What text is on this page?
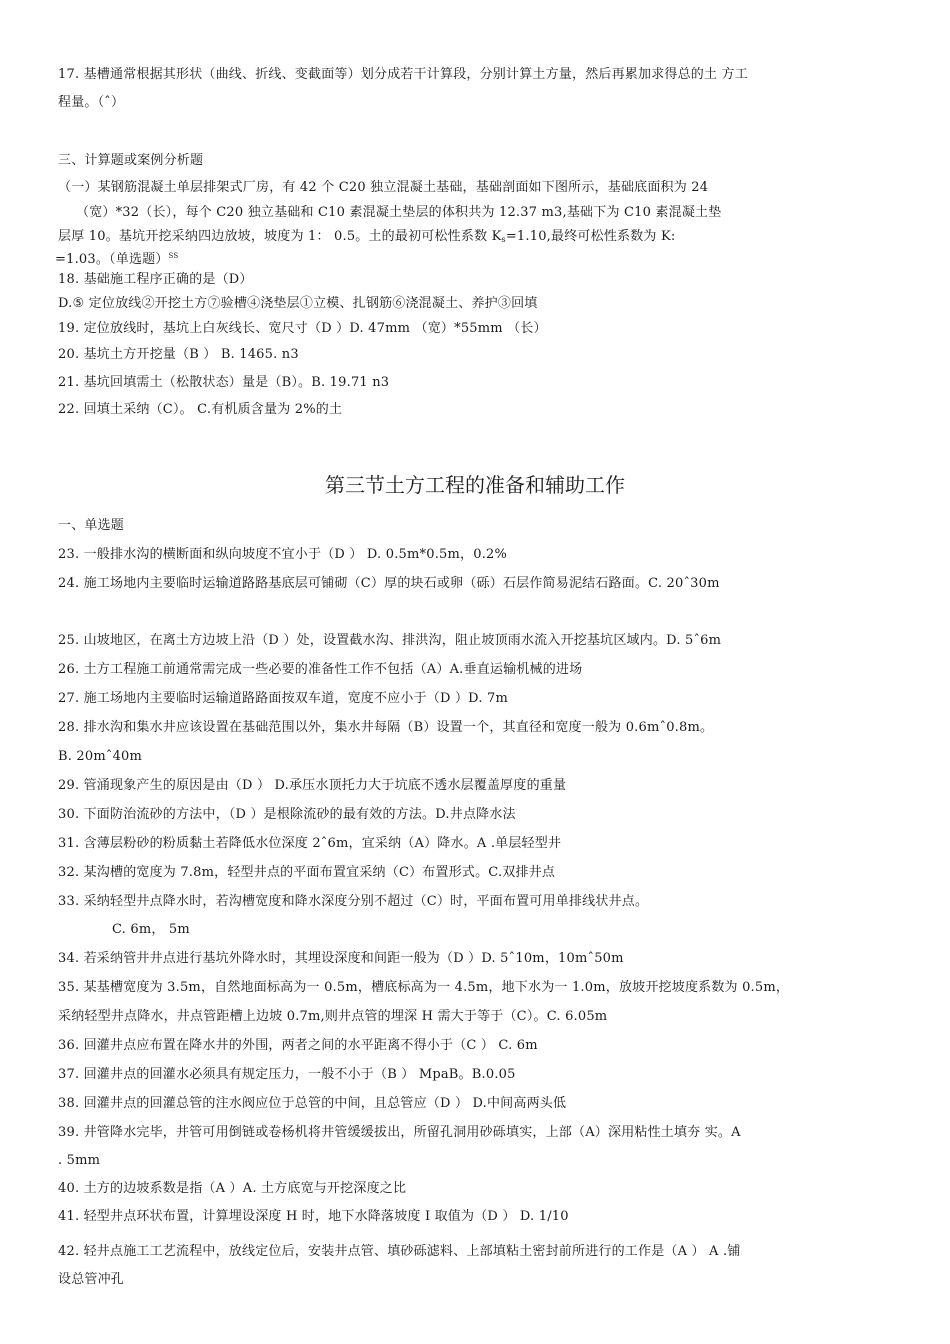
17. 基槽通常根据其形状（曲线、折线、变截面等）划分成若干计算段，分别计算土方量，然后再累加求得总的土 方工
程量。（ˆ）
三、计算题或案例分析题
（一）某钢筋混凝土单层排架式厂房，有 42 个 C20 独立混凝土基础，基础剖面如下图所示，基础底面积为 24
（宽）*32（长），每个 C20 独立基础和 C10 素混凝土垫层的体积共为 12.37 m3,基础下为 C10 素混凝土垫
层厚 10。基坑开挖采纳四边放坡，坡度为 1： 0.5。土的最初可松性系数 $K_s=1.10$,最终可松性系数为 K:
=1.03。（单选题）$^{SS}$
18. 基础施工程序正确的是（D）
D.⑤ 定位放线②开挖土方⑦验槽④浇垫层①立模、扎钢筋⑥浇混凝土、养护③回填
19. 定位放线时，基坑上白灰线长、宽尺寸（D ）D. 47mm （宽）*55mm （长）
20. 基坑土方开挖量（B ） B. 1465. n3
21. 基坑回填需土（松散状态）量是（B）。B. 19.71 n3
22. 回填土采纳（C）。 C.有机质含量为 2%的土
第三节土方工程的准备和辅助工作
一、单选题
23. 一般排水沟的横断面和纵向坡度不宜小于（D ） D. 0.5m*0.5m，0.2%
24. 施工场地内主要临时运输道路路基底层可铺砌（C）厚的块石或卵（砾）石层作简易泥结石路面。C. 20ˆ30m
25. 山坡地区，在离土方边坡上沿（D ）处，设置截水沟、排洪沟，阻止坡顶雨水流入开挖基坑区域内。D. 5ˆ6m
26. 土方工程施工前通常需完成一些必要的准备性工作不包括（A）A.垂直运输机械的进场
27. 施工场地内主要临时运输道路路面按双车道，宽度不应小于（D ）D. 7m
28. 排水沟和集水井应该设置在基础范围以外，集水井每隔（B）设置一个，其直径和宽度一般为 0.6mˆ0.8m。
B. 20mˆ40m
29. 管涌现象产生的原因是由（D ） D.承压水顶托力大于坑底不透水层覆盖厚度的重量
30. 下面防治流砂的方法中，（D ）是根除流砂的最有效的方法。D.井点降水法
31. 含薄层粉砂的粉质黏土若降低水位深度 2ˆ6m，宜采纳（A）降水。A .单层轻型井
32. 某沟槽的宽度为 7.8m，轻型井点的平面布置宜采纳（C）布置形式。C.双排井点
33. 采纳轻型井点降水时，若沟槽宽度和降水深度分别不超过（C）时，平面布置可用单排线状井点。
C. 6m， 5m
34. 若采纳管井井点进行基坑外降水时，其埋设深度和间距一般为（D ）D. 5ˆ10m，10mˆ50m
35. 某基槽宽度为 3.5m，自然地面标高为一 0.5m，槽底标高为一 4.5m，地下水为一 1.0m，放坡开挖坡度系数为 0.5m，
采纳轻型井点降水，井点管距槽上边坡 0.7m,则井点管的埋深 H 需大于等于（C）。C. 6.05m
36. 回灌井点应布置在降水井的外围，两者之间的水平距离不得小于（C ） C. 6m
37. 回灌井点的回灌水必须具有规定压力，一般不小于（B ） MpaB。B.0.05
38. 回灌井点的回灌总管的注水阀应位于总管的中间，且总管应（D ） D.中间高两头低
39. 井管降水完毕，井管可用倒链或卷杨机将井管缓缓拔出，所留孔洞用砂砾填实，上部（A）深用粘性土填夯 实。A
. 5mm
40. 土方的边坡系数是指（A ）A. 土方底宽与开挖深度之比
41. 轻型井点环状布置，计算埋设深度 H 时，地下水降落坡度 I 取值为（D ） D. 1/10
42. 轻井点施工工艺流程中，放线定位后，安装井点管、填砂砾滤料、上部填粘土密封前所进行的工作是（A ） A .铺
设总管冲孔
